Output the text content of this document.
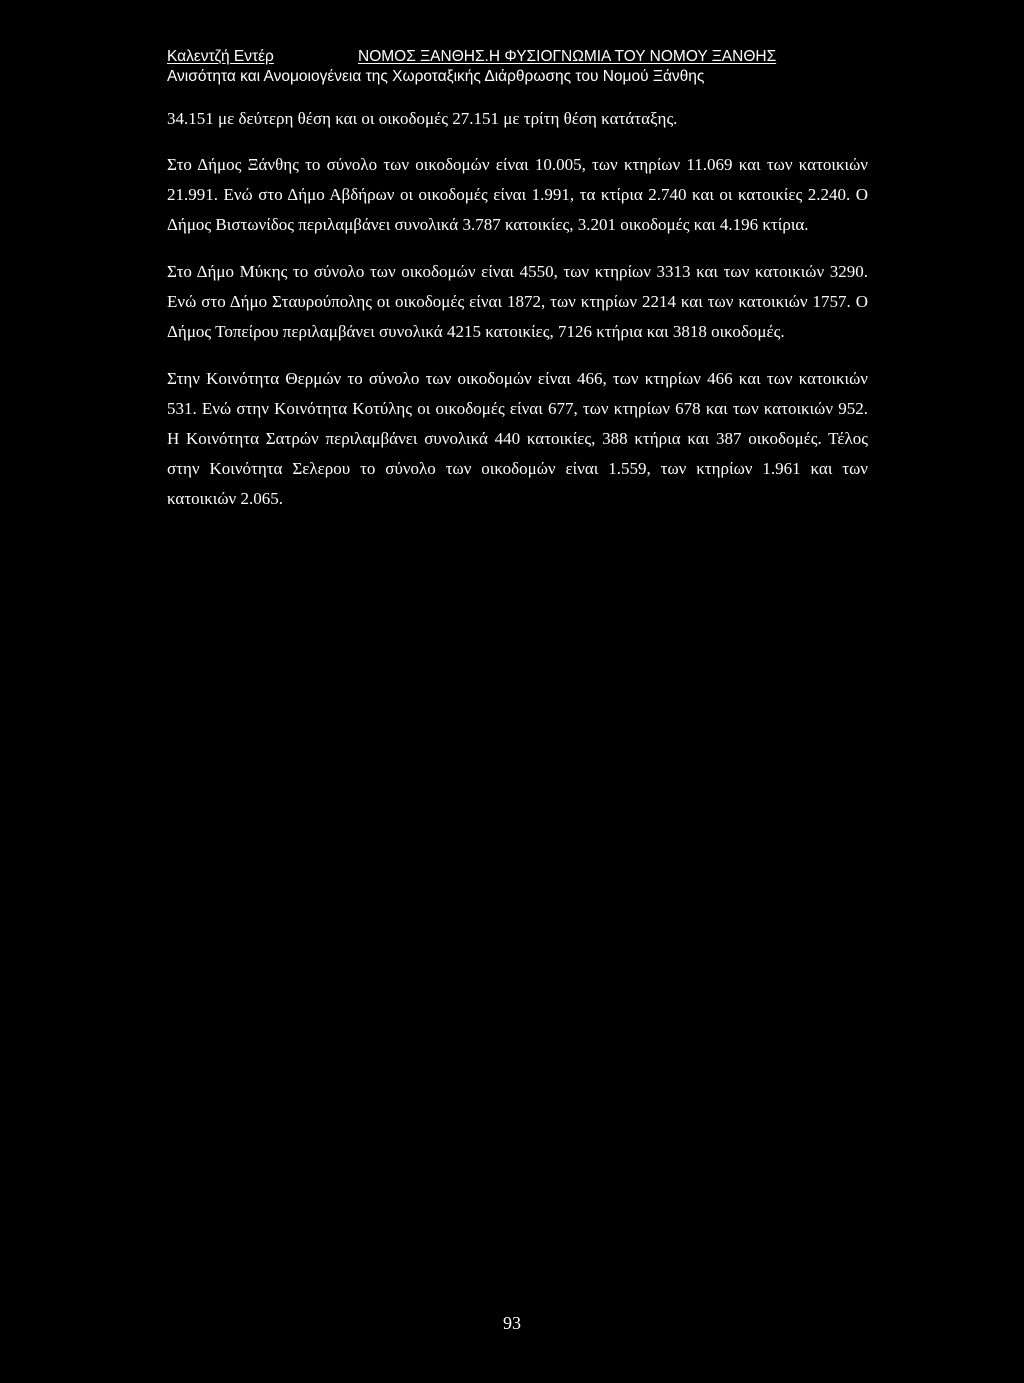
Καλεντζή Εντέρ	ΝΟΜΟΣ ΞΑΝΘΗΣ.Η ΦΥΣΙΟΓΝΩΜΙΑ ΤΟΥ ΝΟΜΟΥ ΞΑΝΘΗΣ
Ανισότητα και Ανομοιογένεια της Χωροταξικής Διάρθρωσης του Νομού Ξάνθης

34.151 με δεύτερη θέση και οι οικοδομές 27.151 με τρίτη θέση κατάταξης.

Στο Δήμος Ξάνθης το σύνολο των οικοδομών είναι 10.005, των κτηρίων 11.069 και των κατοικιών 21.991. Ενώ στο Δήμο Αβδήρων οι οικοδομές είναι 1.991, τα κτίρια 2.740 και οι κατοικίες 2.240. Ο Δήμος Βιστωνίδος περιλαμβάνει συνολικά 3.787 κατοικίες, 3.201 οικοδομές και 4.196 κτίρια.

Στο Δήμο Μύκης το σύνολο των οικοδομών είναι 4550, των κτηρίων 3313 και των κατοικιών 3290. Ενώ στο Δήμο Σταυρούπολης οι οικοδομές είναι 1872, των κτηρίων 2214 και των κατοικιών 1757. Ο Δήμος Τοπείρου περιλαμβάνει συνολικά 4215 κατοικίες, 7126 κτήρια και 3818 οικοδομές.

Στην Κοινότητα Θερμών το σύνολο των οικοδομών είναι 466, των κτηρίων 466 και των κατοικιών 531. Ενώ στην Κοινότητα Κοτύλης οι οικοδομές είναι 677, των κτηρίων 678 και των κατοικιών 952. Η Κοινότητα Σατρών περιλαμβάνει συνολικά 440 κατοικίες, 388 κτήρια και 387 οικοδομές. Τέλος στην Κοινότητα Σελερου το σύνολο των οικοδομών είναι 1.559, των κτηρίων 1.961 και των κατοικιών 2.065.

93
